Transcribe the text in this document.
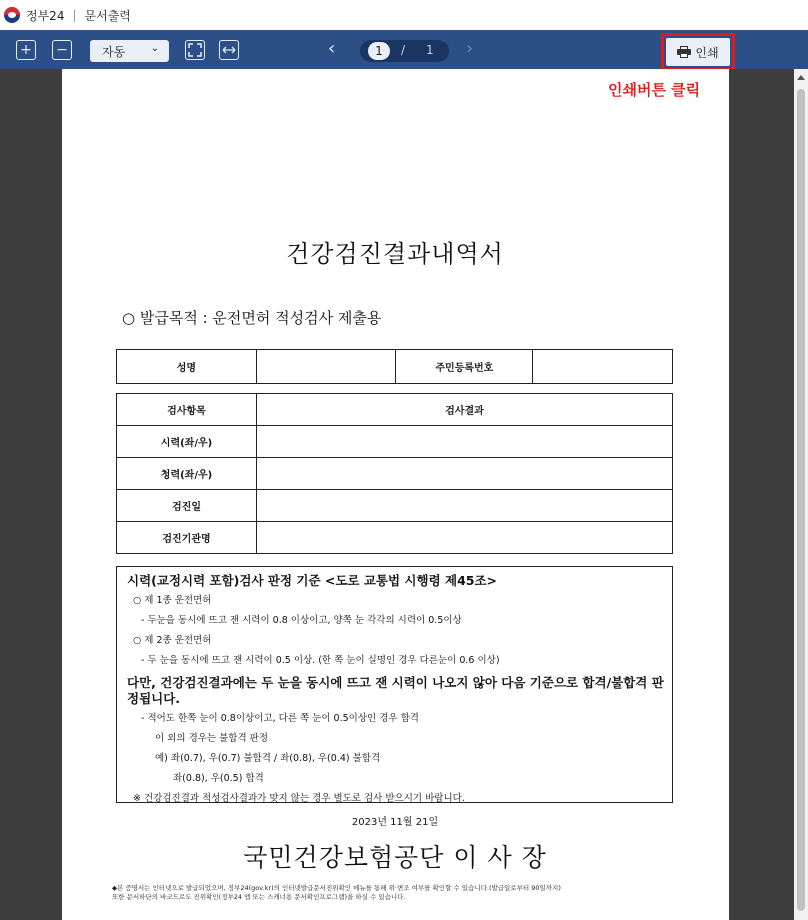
정부24 | 문서출력
+ −	자동	⌄	‹	1	/ 1 ›	인쇄
인쇄버튼 클릭
건강검진결과내역서
○ 발급목적 : 운전면허 적성검사 제출용
성명		주민등록번호	
검사항목	검사결과
시력(좌/우)	
청력(좌/우)	
검진일	
검진기관명	
시력(교정시력 포함)검사 판정 기준 <도로 교통법 시행령 제45조>
○ 제 1종 운전면허
- 두눈을 동시에 뜨고 잰 시력이 0.8 이상이고, 양쪽 눈 각각의 시력이 0.5이상
○ 제 2종 운전면허
- 두 눈을 동시에 뜨고 잰 시력이 0.5 이상. (한 쪽 눈이 실명인 경우 다른눈이 0.6 이상)
다만, 건강검진결과에는 두 눈을 동시에 뜨고 잰 시력이 나오지 않아 다음 기준으로 합격/불합격 판정됩니다.
- 적어도 한쪽 눈이 0.8이상이고, 다른 쪽 눈이 0.5이상인 경우 합격
이 외의 경우는 불합격 판정
예) 좌(0.7), 우(0.7) 불합격 / 좌(0.8), 우(0.4) 불합격
좌(0.8), 우(0.5) 합격
※ 건강검진결과 적성검사결과가 맞지 않는 경우 별도로 검사 받으시기 바랍니다.
2023년 11월 21일
국민건강보험공단 이 사 장
◆본 증명서는 인터넷으로 발급되었으며, 정부24(gov.kr)의 인터넷발급문서진위확인 메뉴를 통해 위·변조 여부를 확인할 수 있습니다.(발급일로부터 90일까지)
또한 문서하단의 바코드로도 진위확인(정부24 앱 또는 스캐너용 문서확인프로그램)을 하실 수 있습니다.
